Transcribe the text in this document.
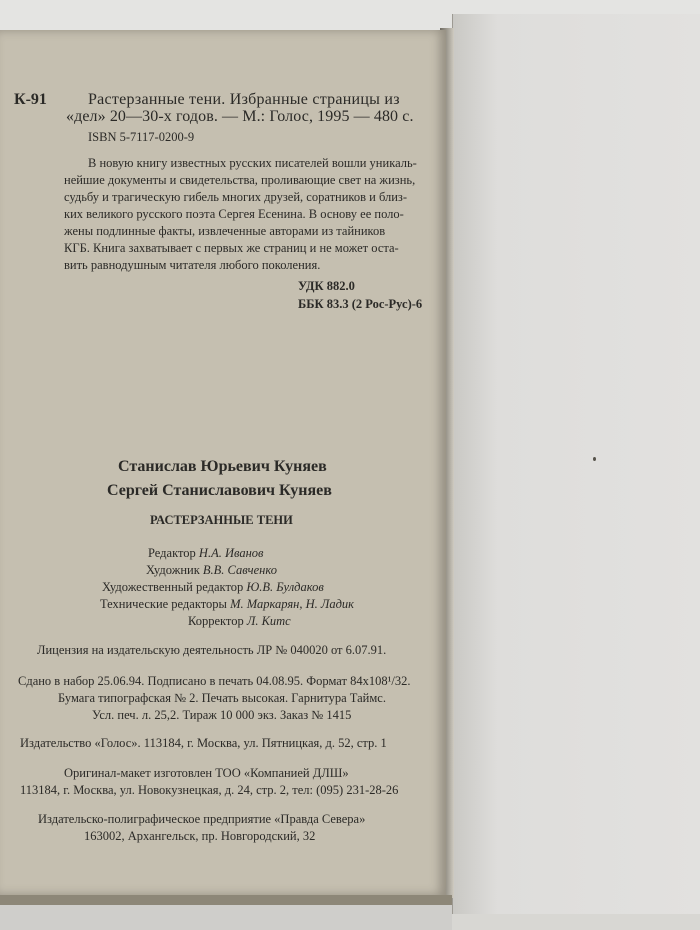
К-91	Растерзанные тени. Избранные страницы из
«дел» 20—30-х годов. — М.: Голос, 1995 — 480 с.
ISBN 5-7117-0200-9
В новую книгу известных русских писателей вошли уникаль-
нейшие документы и свидетельства, проливающие свет на жизнь,
судьбу и трагическую гибель многих друзей, соратников и близ-
ких великого русского поэта Сергея Есенина. В основу ее поло-
жены подлинные факты, извлеченные авторами из тайников
КГБ. Книга захватывает с первых же страниц и не может оста-
вить равнодушным читателя любого поколения.
УДК 882.0
ББК 83.3 (2 Рос-Рус)-6
Станислав Юрьевич Куняев
Сергей Станиславович Куняев
РАСТЕРЗАННЫЕ ТЕНИ
Редактор Н.А. Иванов
Художник В.В. Савченко
Художественный редактор Ю.В. Булдаков
Технические редакторы М. Маркарян, Н. Ладик
Корректор Л. Китс
Лицензия на издательскую деятельность ЛР № 040020 от 6.07.91.
Сдано в набор 25.06.94. Подписано в печать 04.08.95. Формат 84x108¹/32.
Бумага типографская № 2. Печать высокая. Гарнитура Таймс.
Усл. печ. л. 25,2. Тираж 10 000 экз. Заказ № 1415
Издательство «Голос». 113184, г. Москва, ул. Пятницкая, д. 52, стр. 1
Оригинал-макет изготовлен ТОО «Компанией ДЛШ»
113184, г. Москва, ул. Новокузнецкая, д. 24, стр. 2, тел: (095) 231-28-26
Издательско-полиграфическое предприятие «Правда Севера»
163002, Архангельск, пр. Новгородский, 32
